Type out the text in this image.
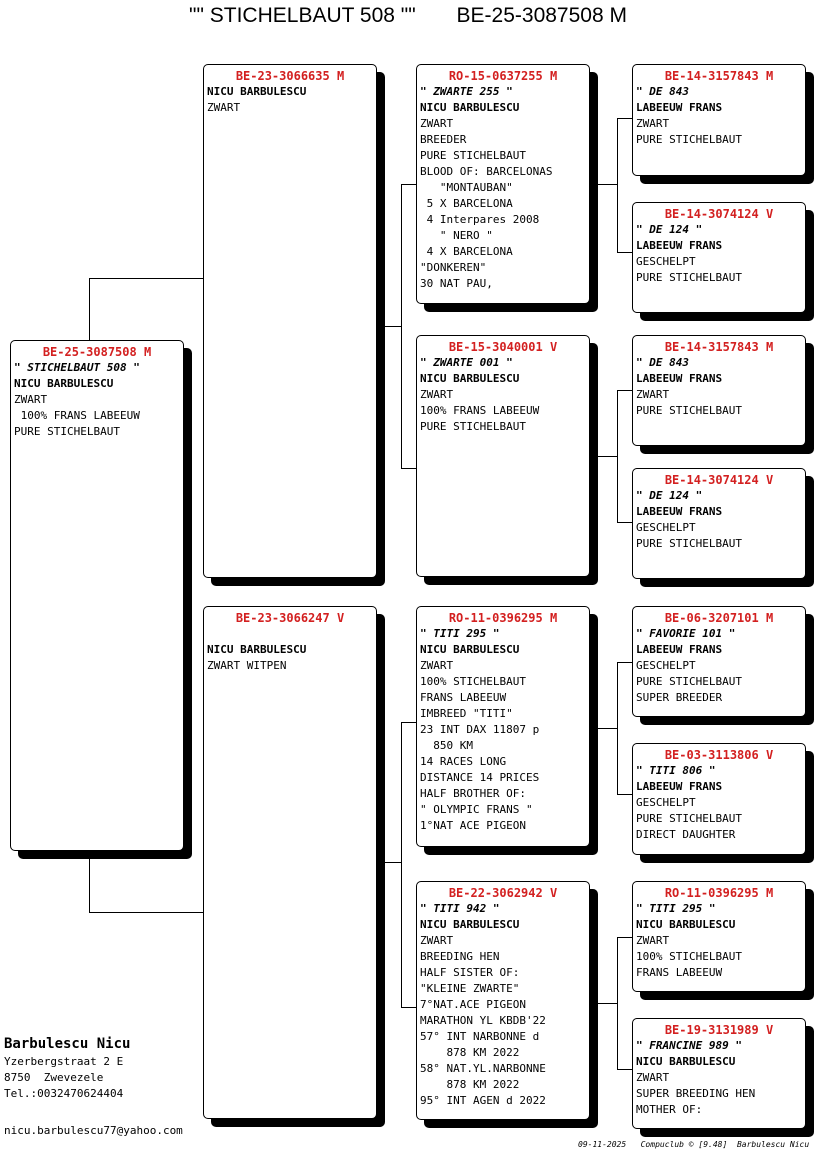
"" STICHELBAUT 508 ""       BE-25-3087508 M
BE-25-3087508 M
" STICHELBAUT 508 "
NICU BARBULESCU
ZWART
100% FRANS LABEEUW
PURE STICHELBAUT
BE-23-3066635 M
NICU BARBULESCU
ZWART
BE-23-3066247 V

NICU BARBULESCU
ZWART WITPEN
RO-15-0637255 M
" ZWARTE 255 "
NICU BARBULESCU
ZWART
BREEDER
PURE STICHELBAUT
BLOOD OF: BARCELONAS
"MONTAUBAN"
5 X BARCELONA
4 Interpares 2008
" NERO "
4 X BARCELONA
"DONKEREN"
30 NAT PAU,
BE-15-3040001 V
" ZWARTE 001 "
NICU BARBULESCU
ZWART
100% FRANS LABEEUW
PURE STICHELBAUT
RO-11-0396295 M
" TITI 295 "
NICU BARBULESCU
ZWART
100% STICHELBAUT
FRANS LABEEUW
IMBREED "TITI"
23 INT DAX 11807 p
850 KM
14 RACES LONG
DISTANCE 14 PRICES
HALF BROTHER OF:
" OLYMPIC FRANS "
1°NAT ACE PIGEON
BE-22-3062942 V
" TITI 942 "
NICU BARBULESCU
ZWART
BREEDING HEN
HALF SISTER OF:
"KLEINE ZWARTE"
7°NAT.ACE PIGEON
MARATHON YL KBDB'22
57° INT NARBONNE d
878 KM 2022
58° NAT.YL.NARBONNE
878 KM 2022
95° INT AGEN d 2022
BE-14-3157843 M
" DE 843
LABEEUW FRANS
ZWART
PURE STICHELBAUT
BE-14-3074124 V
" DE 124 "
LABEEUW FRANS
GESCHELPT
PURE STICHELBAUT
BE-14-3157843 M
" DE 843
LABEEUW FRANS
ZWART
PURE STICHELBAUT
BE-14-3074124 V
" DE 124 "
LABEEUW FRANS
GESCHELPT
PURE STICHELBAUT
BE-06-3207101 M
" FAVORIE 101 "
LABEEUW FRANS
GESCHELPT
PURE STICHELBAUT
SUPER BREEDER
BE-03-3113806 V
" TITI 806 "
LABEEUW FRANS
GESCHELPT
PURE STICHELBAUT
DIRECT DAUGHTER
RO-11-0396295 M
" TITI 295 "
NICU BARBULESCU
ZWART
100% STICHELBAUT
FRANS LABEEUW
BE-19-3131989 V
" FRANCINE 989 "
NICU BARBULESCU
ZWART
SUPER BREEDING HEN
MOTHER OF:
Barbulescu Nicu
Yzerbergstraat 2 E
8750  Zwevezele
Tel.:0032470624404
nicu.barbulescu77@yahoo.com
09-11-2025   Compuclub © [9.48]  Barbulescu Nicu
